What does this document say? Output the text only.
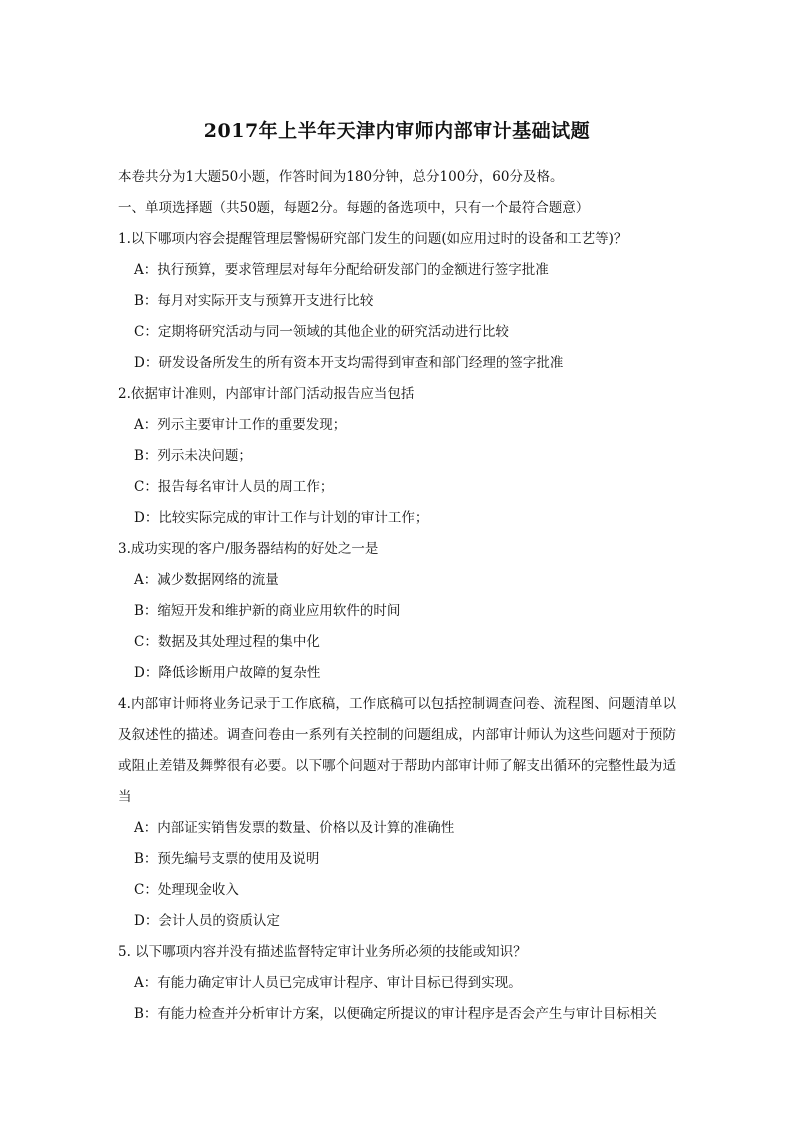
2017年上半年天津内审师内部审计基础试题
本卷共分为1大题50小题，作答时间为180分钟，总分100分，60分及格。
一、单项选择题（共50题，每题2分。每题的备选项中，只有一个最符合题意）
1.以下哪项内容会提醒管理层警惕研究部门发生的问题(如应用过时的设备和工艺等)？
A：执行预算，要求管理层对每年分配给研发部门的金额进行签字批准
B：每月对实际开支与预算开支进行比较
C：定期将研究活动与同一领域的其他企业的研究活动进行比较
D：研发设备所发生的所有资本开支均需得到审查和部门经理的签字批准
2.依据审计准则，内部审计部门活动报告应当包括
A：列示主要审计工作的重要发现；
B：列示未决问题；
C：报告每名审计人员的周工作；
D：比较实际完成的审计工作与计划的审计工作；
3.成功实现的客户/服务器结构的好处之一是
A：减少数据网络的流量
B：缩短开发和维护新的商业应用软件的时间
C：数据及其处理过程的集中化
D：降低诊断用户故障的复杂性
4.内部审计师将业务记录于工作底稿，工作底稿可以包括控制调查问卷、流程图、问题清单以及叙述性的描述。调查问卷由一系列有关控制的问题组成，内部审计师认为这些问题对于预防或阻止差错及舞弊很有必要。以下哪个问题对于帮助内部审计师了解支出循环的完整性最为适当
A：内部证实销售发票的数量、价格以及计算的准确性
B：预先编号支票的使用及说明
C：处理现金收入
D：会计人员的资质认定
5. 以下哪项内容并没有描述监督特定审计业务所必须的技能或知识？
A：有能力确定审计人员已完成审计程序、审计目标已得到实现。
B：有能力检查并分析审计方案，以便确定所提议的审计程序是否会产生与审计目标相关
